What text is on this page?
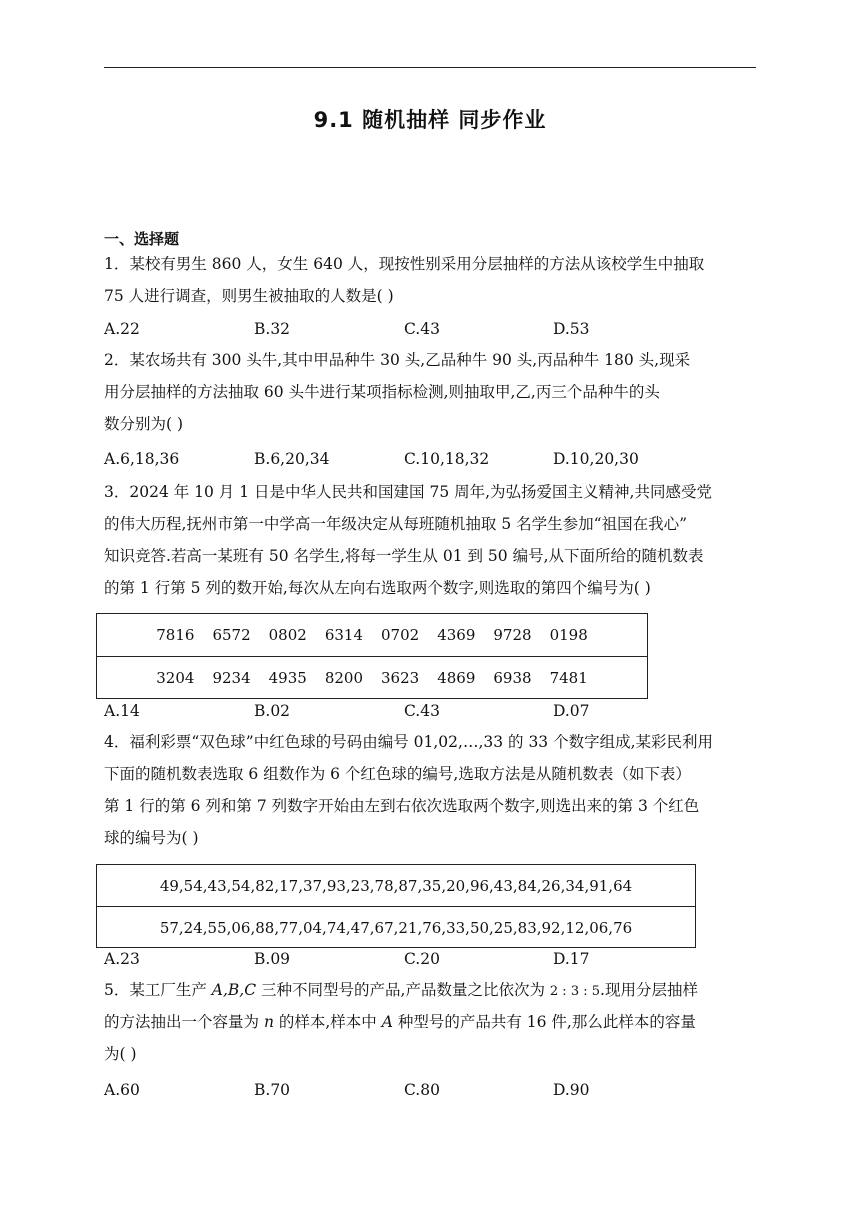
9.1 随机抽样 同步作业
一、选择题
1．某校有男生 860 人，女生 640 人，现按性别采用分层抽样的方法从该校学生中抽取
75 人进行调查，则男生被抽取的人数是( )
A.22	B.32	C.43	D.53
2．某农场共有 300 头牛,其中甲品种牛 30 头,乙品种牛 90 头,丙品种牛 180 头,现采
用分层抽样的方法抽取 60 头牛进行某项指标检测,则抽取甲,乙,丙三个品种牛的头
数分别为( )
A.6,18,36	B.6,20,34	C.10,18,32	D.10,20,30
3．2024 年 10 月 1 日是中华人民共和国建国 75 周年,为弘扬爱国主义精神,共同感受党
的伟大历程,抚州市第一中学高一年级决定从每班随机抽取 5 名学生参加“祖国在我心”
知识竞答.若高一某班有 50 名学生,将每一学生从 01 到 50 编号,从下面所给的随机数表
的第 1 行第 5 列的数开始,每次从左向右选取两个数字,则选取的第四个编号为( )
7816 6572 0802 6314 0702 4369 9728 0198
3204 9234 4935 8200 3623 4869 6938 7481
A.14	B.02	C.43	D.07
4．福利彩票“双色球”中红色球的号码由编号 01,02,…,33 的 33 个数字组成,某彩民利用
下面的随机数表选取 6 组数作为 6 个红色球的编号,选取方法是从随机数表（如下表）
第 1 行的第 6 列和第 7 列数字开始由左到右依次选取两个数字,则选出来的第 3 个红色
球的编号为( )
49,54,43,54,82,17,37,93,23,78,87,35,20,96,43,84,26,34,91,64
57,24,55,06,88,77,04,74,47,67,21,76,33,50,25,83,92,12,06,76
A.23	B.09	C.20	D.17
5．某工厂生产 A,B,C 三种不同型号的产品,产品数量之比依次为 2 : 3 : 5.现用分层抽样
的方法抽出一个容量为 n 的样本,样本中 A 种型号的产品共有 16 件,那么此样本的容量
为( )
A.60	B.70	C.80	D.90
